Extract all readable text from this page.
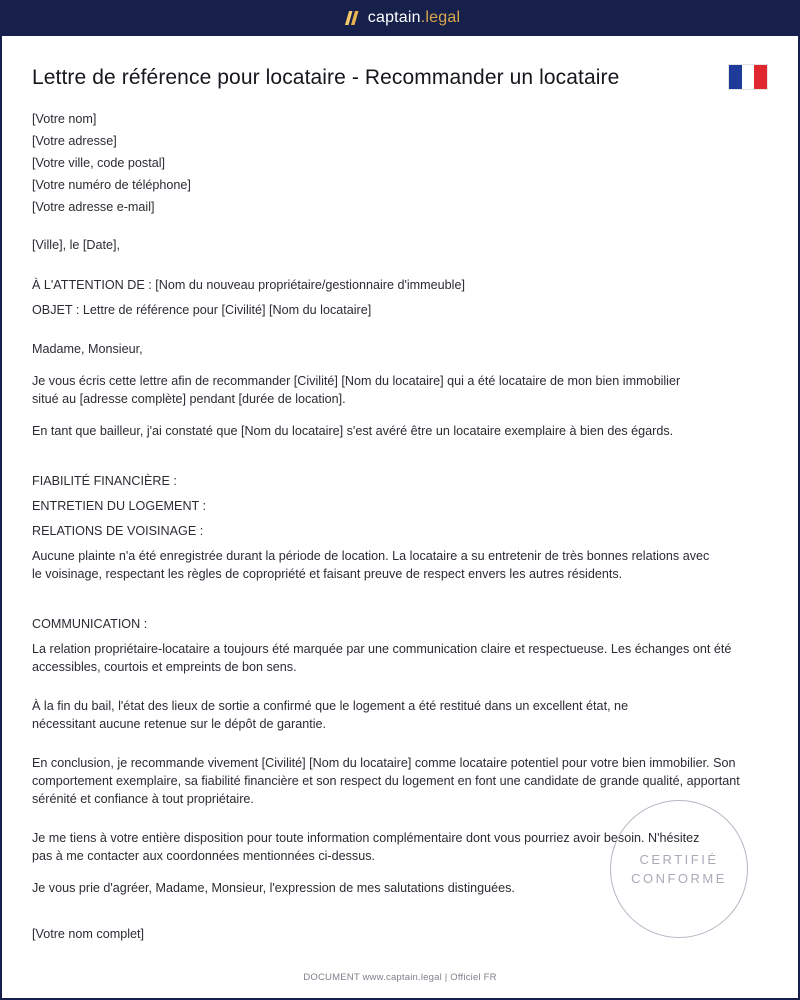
captain.legal
Lettre de référence pour locataire - Recommander un locataire

[Votre nom]

[Votre adresse]

[Votre ville, code postal]

[Votre numéro de téléphone]

[Votre adresse e-mail]

[Ville], le [Date],

À L'ATTENTION DE : [Nom du nouveau propriétaire/gestionnaire d'immeuble]

OBJET : Lettre de référence pour [Civilité] [Nom du locataire]

Madame, Monsieur,

Je vous écris cette lettre afin de recommander [Civilité] [Nom du locataire] qui a été locataire de mon bien immobilier situé au [adresse complète] pendant [durée de location].

En tant que bailleur, j'ai constaté que [Nom du locataire] s'est avéré être un locataire exemplaire à bien des égards.

FIABILITÉ FINANCIÈRE :

ENTRETIEN DU LOGEMENT :

RELATIONS DE VOISINAGE :

Aucune plainte n'a été enregistrée durant la période de location. La locataire a su entretenir de très bonnes relations avec le voisinage, respectant les règles de copropriété et faisant preuve de respect envers les autres résidents.

COMMUNICATION :

La relation propriétaire-locataire a toujours été marquée par une communication claire et respectueuse. Les échanges ont été accessibles, courtois et empreints de bon sens.

À la fin du bail, l'état des lieux de sortie a confirmé que le logement a été restitué dans un excellent état, ne nécessitant aucune retenue sur le dépôt de garantie.

En conclusion, je recommande vivement [Civilité] [Nom du locataire] comme locataire potentiel pour votre bien immobilier. Son comportement exemplaire, sa fiabilité financière et son respect du logement en font une candidate de grande qualité, apportant sérénité et confiance à tout propriétaire.

Je me tiens à votre entière disposition pour toute information complémentaire dont vous pourriez avoir besoin. N'hésitez pas à me contacter aux coordonnées mentionnées ci-dessus.

Je vous prie d'agréer, Madame, Monsieur, l'expression de mes salutations distinguées.

[Votre nom complet]

CERTIFIÉ
CONFORME
DOCUMENT www.captain.legal | Officiel FR
